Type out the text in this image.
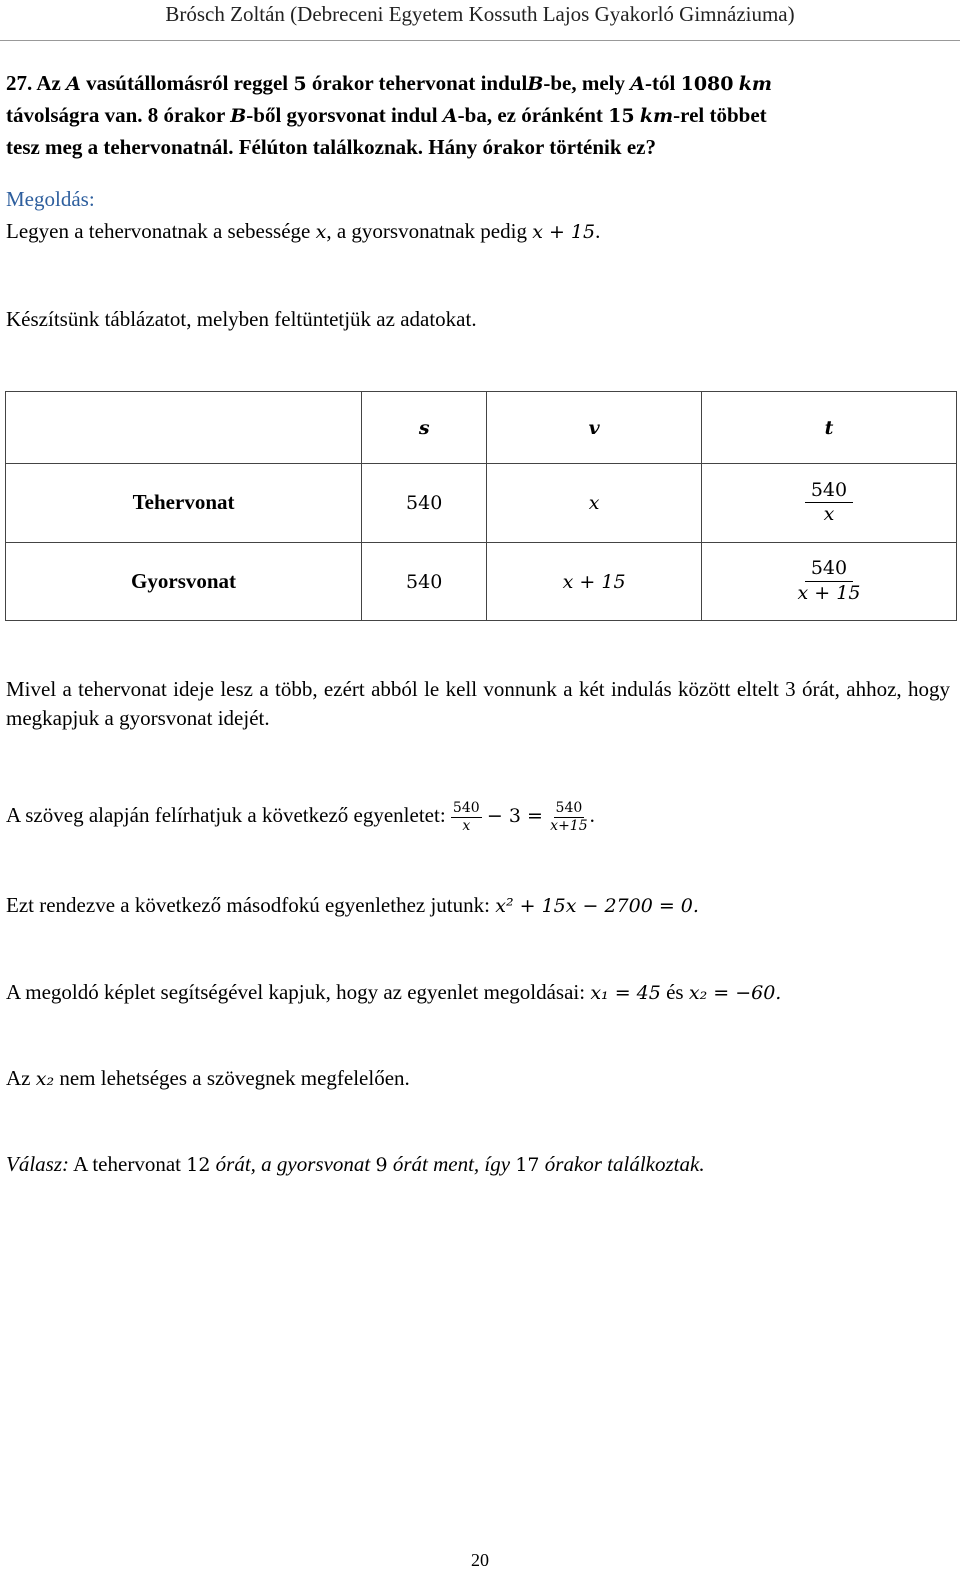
Brósch Zoltán (Debreceni Egyetem Kossuth Lajos Gyakorló Gimnáziuma)
27. Az A vasútállomásról reggel 5 órakor tehervonat indulB-be, mely A-tól 1080 km
távolságra van. 8 órakor B-ből gyorsvonat indul A-ba, ez óránként 15 km-rel többet
tesz meg a tehervonatnál. Félúton találkoznak. Hány órakor történik ez?
Megoldás:
Legyen a tehervonatnak a sebessége x, a gyorsvonatnak pedig x + 15.
Készítsünk táblázatot, melyben feltüntetjük az adatokat.
	s	v	t
Tehervonat	540	x	$\frac{540}{x}$

Gyorsvonat	540	x + 15	$\frac{540}{x + 15}$
Mivel a tehervonat ideje lesz a több, ezért abból le kell vonnunk a két indulás között eltelt 3 órát, ahhoz, hogy megkapjuk a gyorsvonat idejét.
A szöveg alapján felírhatjuk a következő egyenletet: $\frac{540}{x} - 3 = \frac{540}{x+15}$ .
Ezt rendezve a következő másodfokú egyenlethez jutunk: x² + 15x − 2700 = 0.
A megoldó képlet segítségével kapjuk, hogy az egyenlet megoldásai: x₁ = 45 és x₂ = −60.
Az x₂ nem lehetséges a szövegnek megfelelően.
Válasz: A tehervonat 12 órát, a gyorsvonat 9 órát ment, így 17 órakor találkoztak.
20
